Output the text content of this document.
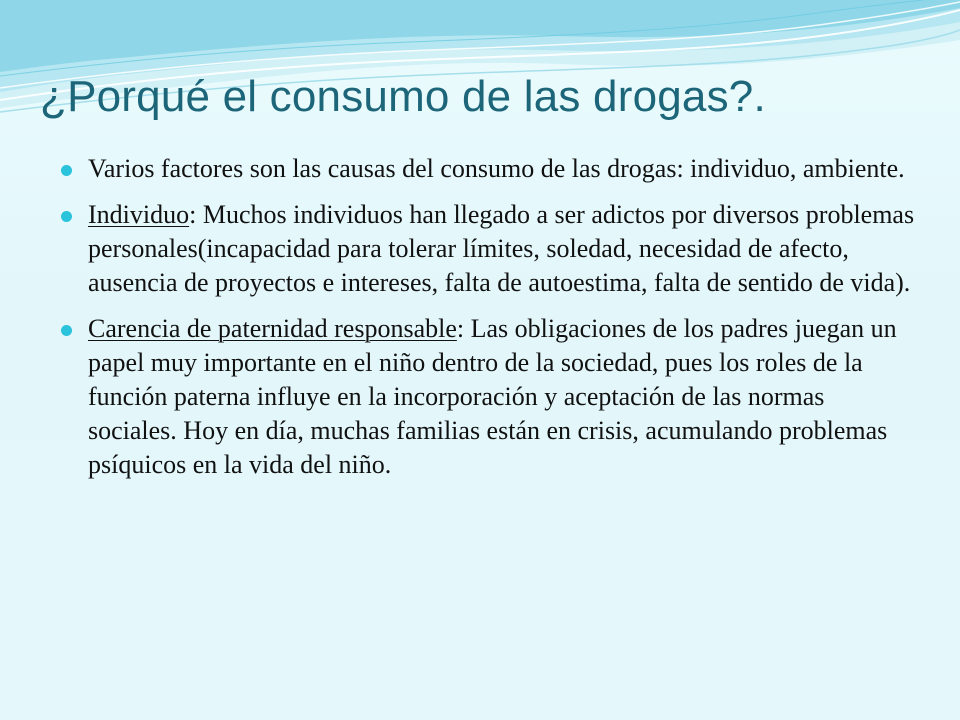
¿Porqué el consumo de las drogas?.
Varios factores son las causas del consumo de las drogas: individuo, ambiente.
Individuo: Muchos individuos han llegado a ser adictos por diversos problemas personales(incapacidad para tolerar límites, soledad, necesidad de afecto, ausencia de proyectos e intereses, falta de autoestima, falta de sentido de vida).
Carencia de paternidad responsable: Las obligaciones de los padres juegan un papel muy importante en el niño dentro de la sociedad, pues los roles de la función paterna influye en la incorporación y aceptación de las normas sociales. Hoy en día, muchas familias están en crisis, acumulando problemas psíquicos en la vida del niño.
